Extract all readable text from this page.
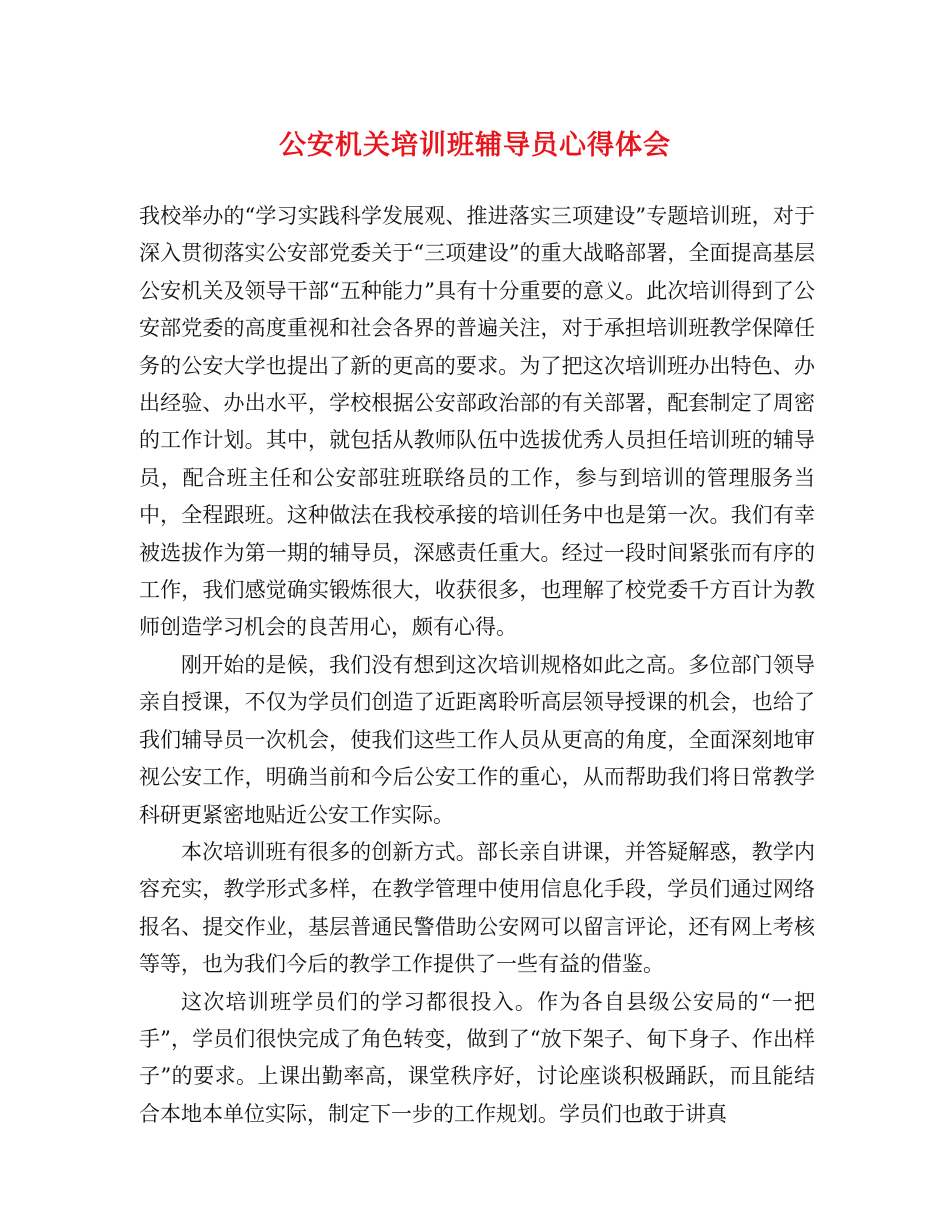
公安机关培训班辅导员心得体会

我校举办的“学习实践科学发展观、推进落实三项建设”专题培训班，对于深入贯彻落实公安部党委关于“三项建设”的重大战略部署，全面提高基层公安机关及领导干部“五种能力”具有十分重要的意义。此次培训得到了公安部党委的高度重视和社会各界的普遍关注，对于承担培训班教学保障任务的公安大学也提出了新的更高的要求。为了把这次培训班办出特色、办出经验、办出水平，学校根据公安部政治部的有关部署，配套制定了周密的工作计划。其中，就包括从教师队伍中选拔优秀人员担任培训班的辅导员，配合班主任和公安部驻班联络员的工作，参与到培训的管理服务当中，全程跟班。这种做法在我校承接的培训任务中也是第一次。我们有幸被选拔作为第一期的辅导员，深感责任重大。经过一段时间紧张而有序的工作，我们感觉确实锻炼很大，收获很多，也理解了校党委千方百计为教师创造学习机会的良苦用心，颇有心得。

刚开始的是候，我们没有想到这次培训规格如此之高。多位部门领导亲自授课，不仅为学员们创造了近距离聆听高层领导授课的机会，也给了我们辅导员一次机会，使我们这些工作人员从更高的角度，全面深刻地审视公安工作，明确当前和今后公安工作的重心，从而帮助我们将日常教学科研更紧密地贴近公安工作实际。

本次培训班有很多的创新方式。部长亲自讲课，并答疑解惑，教学内容充实，教学形式多样，在教学管理中使用信息化手段，学员们通过网络报名、提交作业，基层普通民警借助公安网可以留言评论，还有网上考核等等，也为我们今后的教学工作提供了一些有益的借鉴。

这次培训班学员们的学习都很投入。作为各自县级公安局的“一把手”，学员们很快完成了角色转变，做到了“放下架子、甸下身子、作出样子”的要求。上课出勤率高，课堂秩序好，讨论座谈积极踊跃，而且能结合本地本单位实际，制定下一步的工作规划。学员们也敢于讲真
